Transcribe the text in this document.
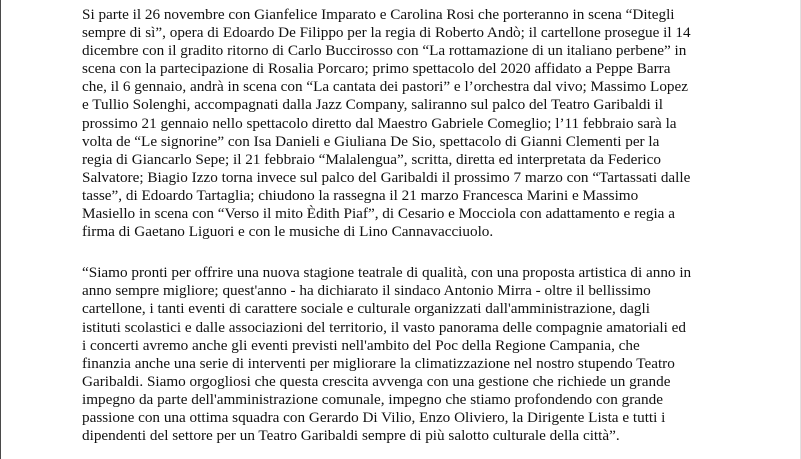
Si parte il 26 novembre con Gianfelice Imparato e Carolina Rosi che porteranno in scena “Ditegli
sempre di sì”, opera di Edoardo De Filippo per la regia di Roberto Andò; il cartellone prosegue il 14
dicembre con il gradito ritorno di Carlo Buccirosso con “La rottamazione di un italiano perbene” in
scena con la partecipazione di Rosalia Porcaro; primo spettacolo del 2020 affidato a Peppe Barra
che, il 6 gennaio, andrà in scena con “La cantata dei pastori” e l’orchestra dal vivo; Massimo Lopez
e Tullio Solenghi, accompagnati dalla Jazz Company, saliranno sul palco del Teatro Garibaldi il
prossimo 21 gennaio nello spettacolo diretto dal Maestro Gabriele Comeglio; l’11 febbraio sarà la
volta de “Le signorine” con Isa Danieli e Giuliana De Sio, spettacolo di Gianni Clementi per la
regia di Giancarlo Sepe; il 21 febbraio “Malalengua”, scritta, diretta ed interpretata da Federico
Salvatore; Biagio Izzo torna invece sul palco del Garibaldi il prossimo 7 marzo con “Tartassati dalle
tasse”, di Edoardo Tartaglia; chiudono la rassegna il 21 marzo Francesca Marini e Massimo
Masiello in scena con “Verso il mito Èdith Piaf”, di Cesario e Mocciola con adattamento e regia a
firma di Gaetano Liguori e con le musiche di Lino Cannavacciuolo.

“Siamo pronti per offrire una nuova stagione teatrale di qualità, con una proposta artistica di anno in
anno sempre migliore; quest'anno - ha dichiarato il sindaco Antonio Mirra - oltre il bellissimo
cartellone, i tanti eventi di carattere sociale e culturale organizzati dall'amministrazione, dagli
istituti scolastici e dalle associazioni del territorio, il vasto panorama delle compagnie amatoriali ed
i concerti avremo anche gli eventi previsti nell'ambito del Poc della Regione Campania, che
finanzia anche una serie di interventi per migliorare la climatizzazione nel nostro stupendo Teatro
Garibaldi. Siamo orgogliosi che questa crescita avvenga con una gestione che richiede un grande
impegno da parte dell'amministrazione comunale, impegno che stiamo profondendo con grande
passione con una ottima squadra con Gerardo Di Vilio, Enzo Oliviero, la Dirigente Lista e tutti i
dipendenti del settore per un Teatro Garibaldi sempre di più salotto culturale della città”.
